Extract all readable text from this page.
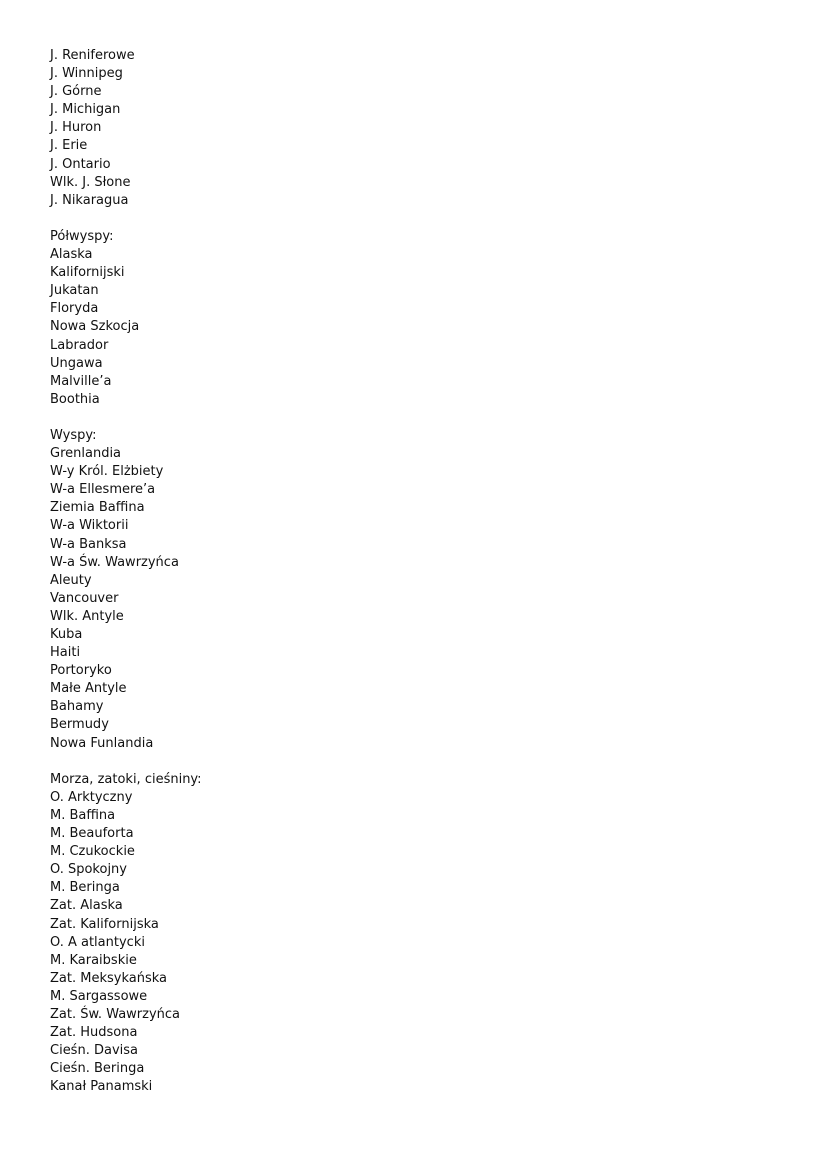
J. Reniferowe
J. Winnipeg
J. Górne
J. Michigan
J. Huron
J. Erie
J. Ontario
Wlk. J. Słone
J. Nikaragua
Półwyspy:
Alaska
Kalifornijski
Jukatan
Floryda
Nowa Szkocja
Labrador
Ungawa
Malville’a
Boothia
Wyspy:
Grenlandia
W-y Król. Elżbiety
W-a Ellesmere’a
Ziemia Baffina
W-a Wiktorii
W-a Banksa
W-a Św. Wawrzyńca
Aleuty
Vancouver
Wlk. Antyle
Kuba
Haiti
Portoryko
Małe Antyle
Bahamy
Bermudy
Nowa Funlandia
Morza, zatoki, cieśniny:
O. Arktyczny
M. Baffina
M. Beauforta
M. Czukockie
O. Spokojny
M. Beringa
Zat. Alaska
Zat. Kalifornijska
O. A atlantycki
M. Karaibskie
Zat. Meksykańska
M. Sargassowe
Zat. Św. Wawrzyńca
Zat. Hudsona
Cieśn. Davisa
Cieśn. Beringa
Kanał Panamski
